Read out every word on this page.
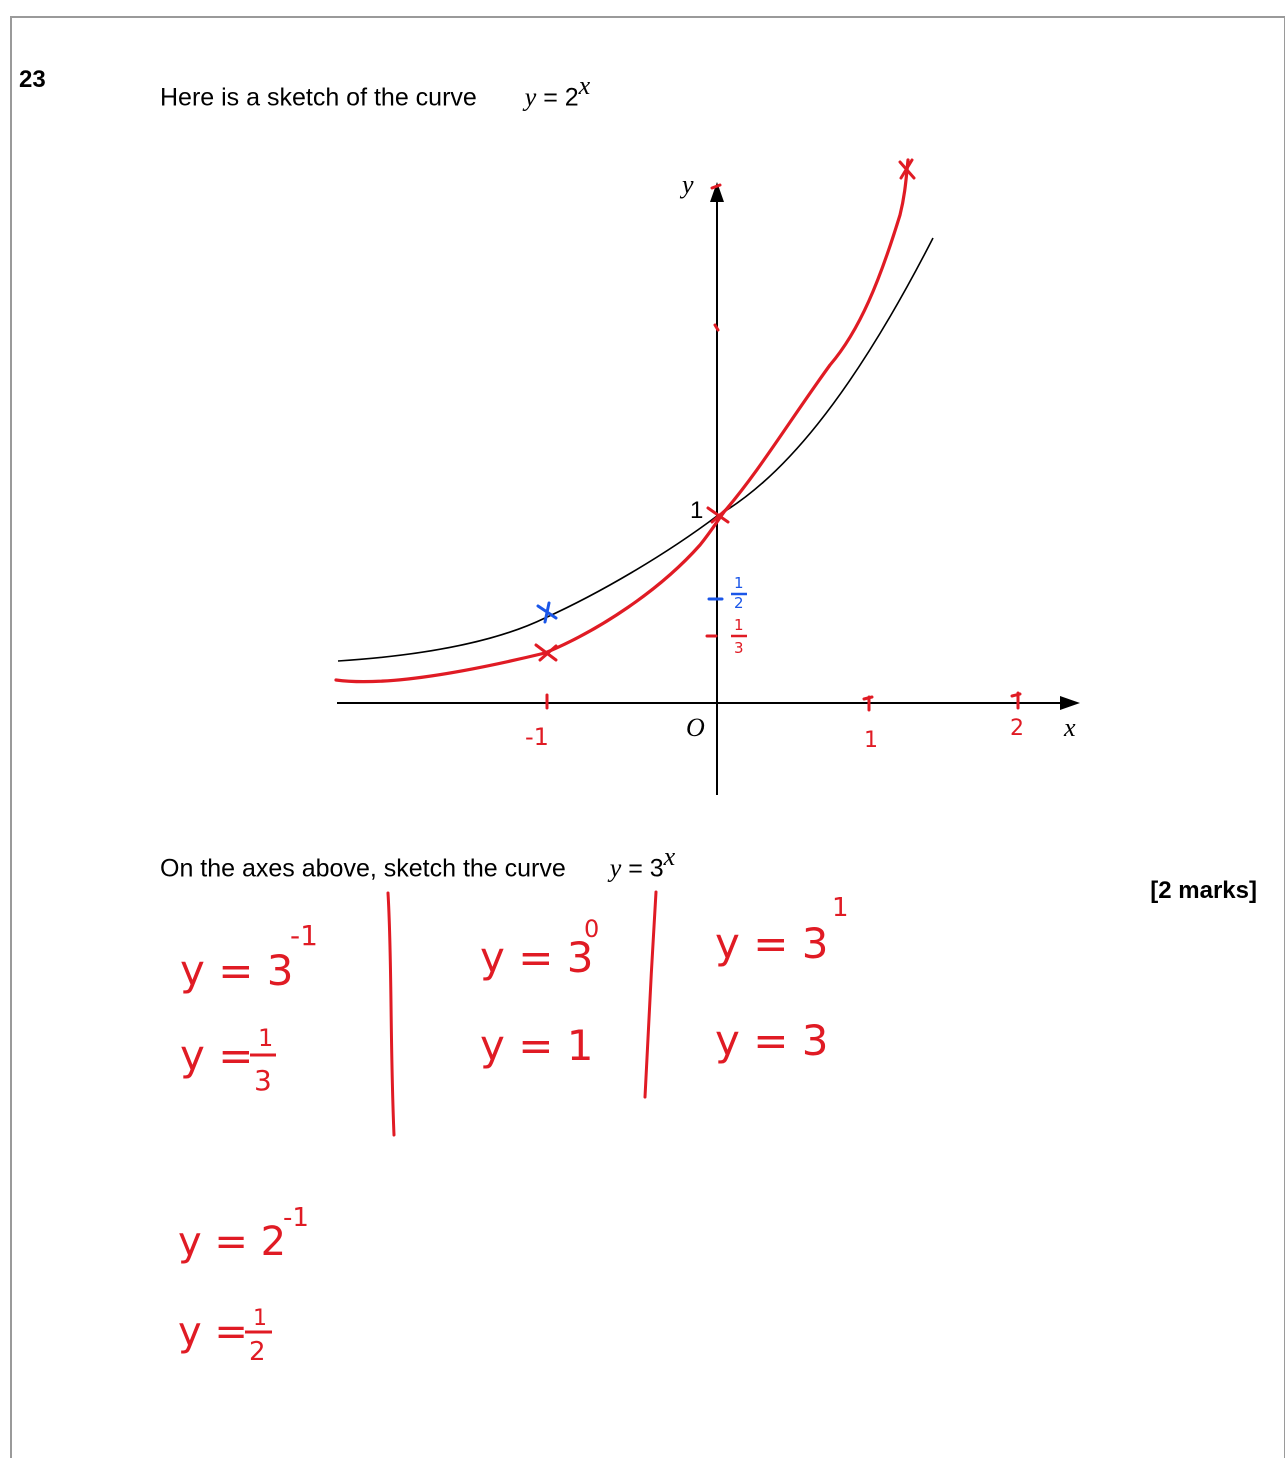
23
Here is a sketch of the curve $y = 2^x$
On the axes above, sketch the curve $y = 3^x$
[2 marks]
x
y
O
1
-1	1	2
1
2
1
3
y = 3
-1
y = 1
3
y = 3
0
y = 1
y = 3
1
y = 3
y = 2
-1
y = 1
2
